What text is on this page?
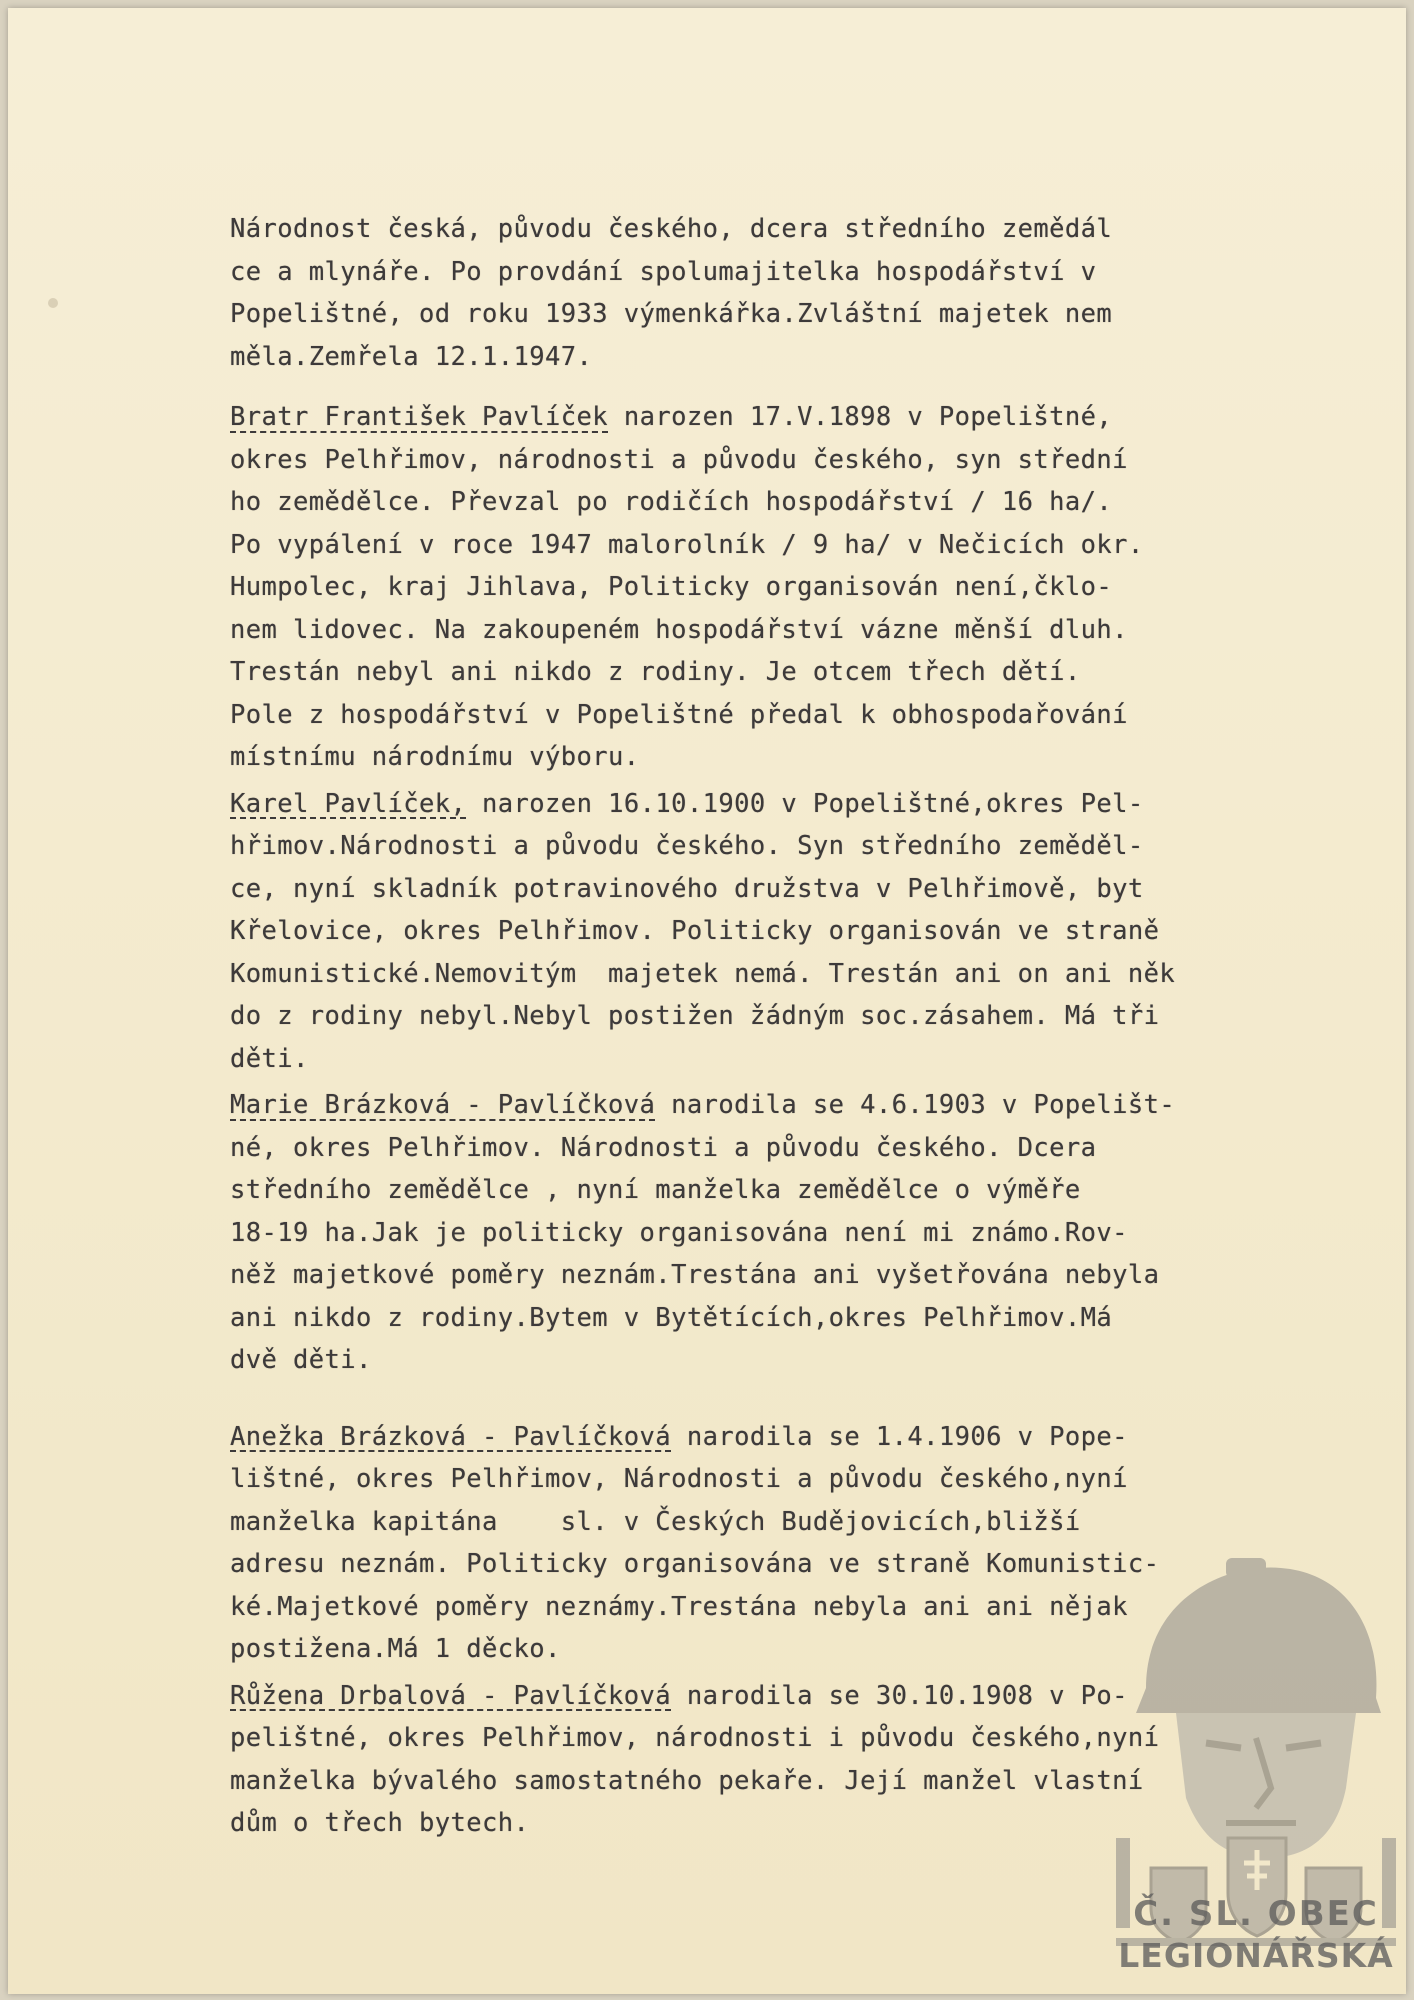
Národnost česká, původu českého, dcera středního zemědál
ce a mlynáře. Po provdání spolumajitelka hospodářství v
Popelištné, od roku 1933 výmenkářka.Zvláštní majetek nem
měla.Zemřela 12.1.1947.
Bratr František Pavlíček narozen 17.V.1898 v Popelištné,
okres Pelhřimov, národnosti a původu českého, syn střední
ho zemědělce. Převzal po rodičích hospodářství / 16 ha/.
Po vypálení v roce 1947 malorolník / 9 ha/ v Nečicích okr.
Humpolec, kraj Jihlava, Politicky organisován není,čklo-
nem lidovec. Na zakoupeném hospodářství vázne měnší dluh.
Trestán nebyl ani nikdo z rodiny. Je otcem třech dětí.
Pole z hospodářství v Popelištné předal k obhospodařování
místnímu národnímu výboru.
Karel Pavlíček, narozen 16.10.1900 v Popelištné,okres Pel-
hřimov.Národnosti a původu českého. Syn středního zeměděl-
ce, nyní skladník potravinového družstva v Pelhřimově, byt
Křelovice, okres Pelhřimov. Politicky organisován ve straně
Komunistické.Nemovitým  majetek nemá. Trestán ani on ani něk
do z rodiny nebyl.Nebyl postižen žádným soc.zásahem. Má tři
děti.
Marie Brázková - Pavlíčková narodila se 4.6.1903 v Popelišt-
né, okres Pelhřimov. Národnosti a původu českého. Dcera
středního zemědělce , nyní manželka zemědělce o výměře
18-19 ha.Jak je politicky organisována není mi známo.Rov-
něž majetkové poměry neznám.Trestána ani vyšetřována nebyla
ani nikdo z rodiny.Bytem v Bytětících,okres Pelhřimov.Má
dvě děti.
Anežka Brázková - Pavlíčková narodila se 1.4.1906 v Pope-
lištné, okres Pelhřimov, Národnosti a původu českého,nyní
manželka kapitána    sl. v Českých Budějovicích,bližší
adresu neznám. Politicky organisována ve straně Komunistic-
ké.Majetkové poměry neznámy.Trestána nebyla ani ani nějak
postižena.Má 1 děcko.
Růžena Drbalová - Pavlíčková narodila se 30.10.1908 v Po-
pelištné, okres Pelhřimov, národnosti i původu českého,nyní
manželka bývalého samostatného pekaře. Její manžel vlastní
dům o třech bytech.
Č. SL. OBEC
LEGIONÁŘSKÁ
